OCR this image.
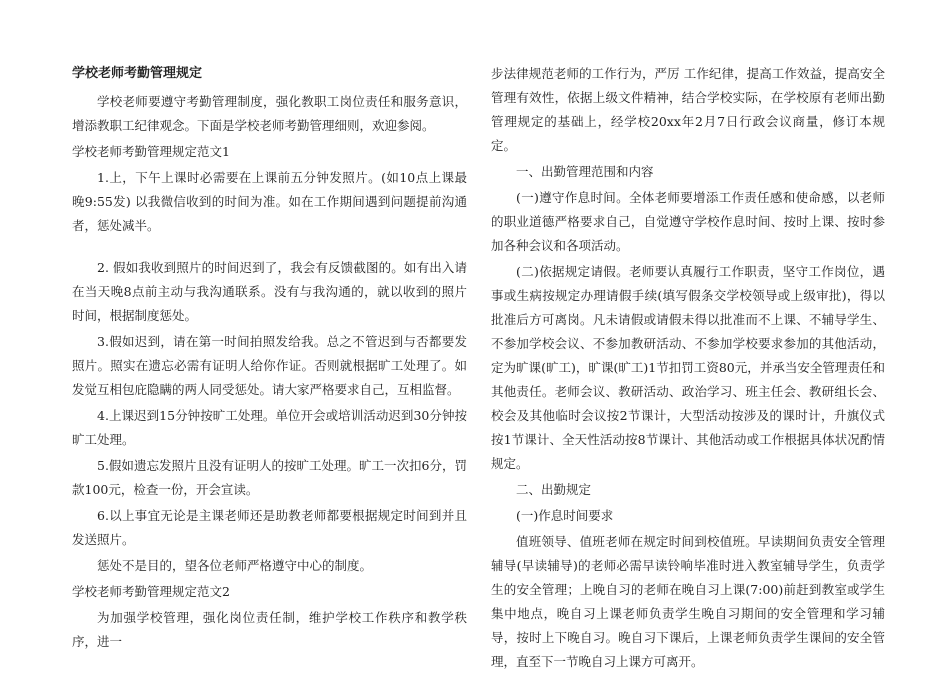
学校老师考勤管理规定

学校老师要遵守考勤管理制度，强化教职工岗位责任和服务意识，增添教职工纪律观念。下面是学校老师考勤管理细则，欢迎参阅。

学校老师考勤管理规定范文1

1.上，下午上课时必需要在上课前五分钟发照片。(如10点上课最晚9:55发) 以我微信收到的时间为准。如在工作期间遇到问题提前沟通者，惩处减半。

2. 假如我收到照片的时间迟到了，我会有反馈截图的。如有出入请在当天晚8点前主动与我沟通联系。没有与我沟通的，就以收到的照片时间，根据制度惩处。

3.假如迟到，请在第一时间拍照发给我。总之不管迟到与否都要发照片。照实在遗忘必需有证明人给你作证。否则就根据旷工处理了。如发觉互相包庇隐瞒的两人同受惩处。请大家严格要求自己，互相监督。

4.上课迟到15分钟按旷工处理。单位开会或培训活动迟到30分钟按旷工处理。

5.假如遗忘发照片且没有证明人的按旷工处理。旷工一次扣6分，罚款100元，检查一份，开会宣读。

6.以上事宜无论是主课老师还是助教老师都要根据规定时间到并且发送照片。

惩处不是目的，望各位老师严格遵守中心的制度。

学校老师考勤管理规定范文2

为加强学校管理，强化岗位责任制，维护学校工作秩序和教学秩序，进一

步法律规范老师的工作行为，严厉 工作纪律，提高工作效益，提高安全管理有效性，依据上级文件精神，结合学校实际，在学校原有老师出勤管理规定的基础上，经学校20xx年2月7日行政会议商量，修订本规定。

一、出勤管理范围和内容

(一)遵守作息时间。全体老师要增添工作责任感和使命感，以老师的职业道德严格要求自己，自觉遵守学校作息时间、按时上课、按时参加各种会议和各项活动。

(二)依据规定请假。老师要认真履行工作职责，坚守工作岗位，遇事或生病按规定办理请假手续(填写假条交学校领导或上级审批)，得以批准后方可离岗。凡未请假或请假未得以批准而不上课、不辅导学生、不参加学校会议、不参加教研活动、不参加学校要求参加的其他活动，定为旷课(旷工)，旷课(旷工)1节扣罚工资80元，并承当安全管理责任和其他责任。老师会议、教研活动、政治学习、班主任会、教研组长会、校会及其他临时会议按2节课计，大型活动按涉及的课时计，升旗仪式按1节课计、全天性活动按8节课计、其他活动或工作根据具体状况酌情规定。

二、出勤规定

(一)作息时间要求

值班领导、值班老师在规定时间到校值班。早读期间负责安全管理辅导(早读辅导)的老师必需早读铃响毕准时进入教室辅导学生，负责学生的安全管理；上晚自习的老师在晚自习上课(7:00)前赶到教室或学生集中地点，晚自习上课老师负责学生晚自习期间的安全管理和学习辅导，按时上下晚自习。晚自习下课后，上课老师负责学生课间的安全管理，直至下一节晚自习上课方可离开。
